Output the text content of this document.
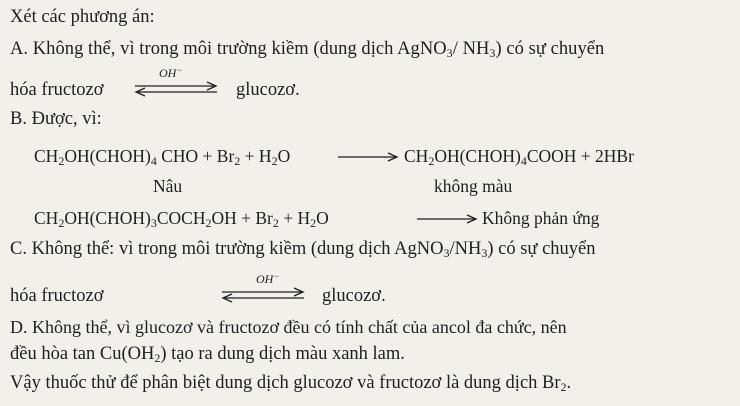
Xét các phương án:
A. Không thể, vì trong môi trường kiềm (dung dịch AgNO$_3$/ $NH_3$) có sự chuyển
hóa fructozơ
OH−
glucozơ.
B. Được, vì:
$CH_2OH(CHOH)_4$ CHO + $Br_2 + H_2O$	→ $CH_2OH(CHOH)_4COOH + 2HBr$
Nâu	không màu
$CH_2OH(CHOH)_3COCH_2OH + Br_2 + H_2O$	→ Không phản ứng
C. Không thể: vì trong môi trường kiềm (dung dịch $AgNO_3/NH_3$) có sự chuyển
hóa fructozơ
OH−
glucozơ.
D. Không thể, vì glucozơ và fructozơ đều có tính chất của ancol đa chức, nên
đều hòa $\tan Cu(OH_2)$ tạo ra dung dịch màu xanh lam.
Vậy thuốc thử để phân biệt dung dịch glucozơ và fructozơ là dung dịch $Br_2$.
